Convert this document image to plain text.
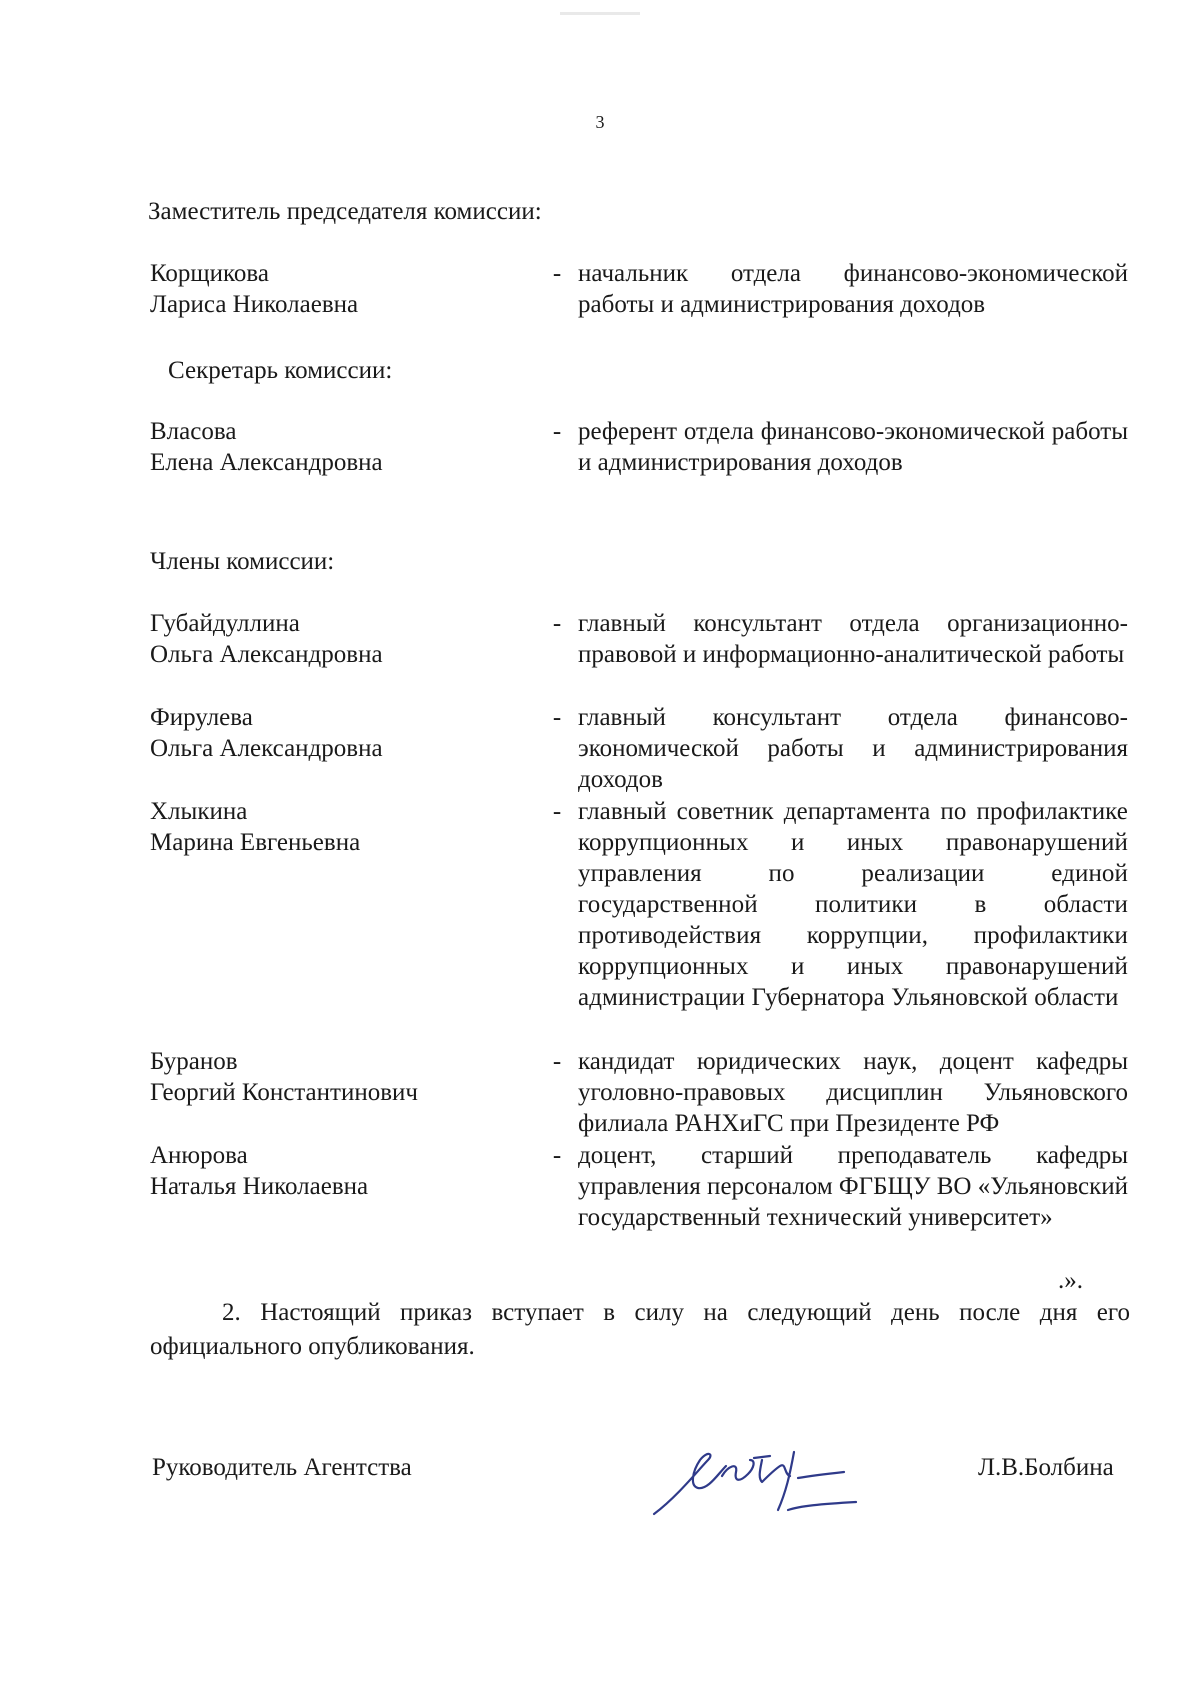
3
Заместитель председателя комиссии:
Корщикова
Лариса Николаевна
- начальник отдела финансово-экономической работы и администрирования доходов
Секретарь комиссии:
Власова
Елена Александровна
- референт отдела финансово-экономической работы и администрирования доходов
Члены комиссии:
Губайдуллина
Ольга Александровна
- главный консультант отдела организационно-правовой и информационно-аналитической работы
Фирулева
Ольга Александровна
- главный консультант отдела финансово-экономической работы и администрирования доходов
Хлыкина
Марина Евгеньевна
- главный советник департамента по профилактике коррупционных и иных правонарушений управления по реализации единой государственной политики в области противодействия коррупции, профилактики коррупционных и иных правонарушений администрации Губернатора Ульяновской области
Буранов
Георгий Константинович
- кандидат юридических наук, доцент кафедры уголовно-правовых дисциплин Ульяновского филиала РАНХиГС при Президенте РФ
Анюрова
Наталья Николаевна
- доцент, старший преподаватель кафедры управления персоналом ФГБЩУ ВО «Ульяновский государственный технический университет»
.».
2. Настоящий приказ вступает в силу на следующий день после дня его официального опубликования.
Руководитель Агентства	Л.В.Болбина
